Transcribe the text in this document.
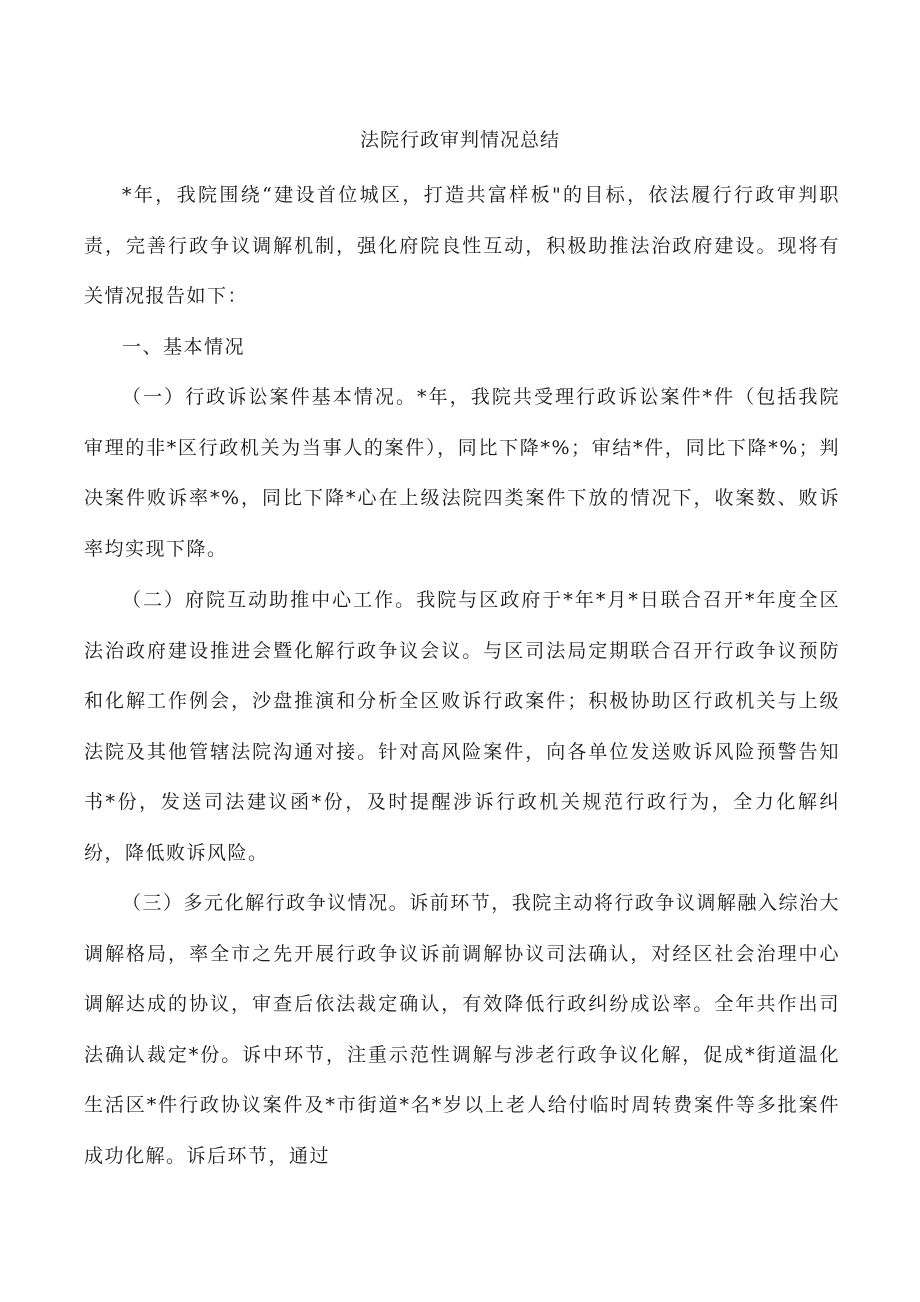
法院行政审判情况总结

*年，我院围绕“建设首位城区，打造共富样板"的目标，依法履行行政审判职责，完善行政争议调解机制，强化府院良性互动，积极助推法治政府建设。现将有关情况报告如下：

一、基本情况

（一）行政诉讼案件基本情况。*年，我院共受理行政诉讼案件*件（包括我院审理的非*区行政机关为当事人的案件），同比下降*%；审结*件，同比下降*%；判决案件败诉率*%，同比下降*心在上级法院四类案件下放的情况下，收案数、败诉率均实现下降。

（二）府院互动助推中心工作。我院与区政府于*年*月*日联合召开*年度全区法治政府建设推进会暨化解行政争议会议。与区司法局定期联合召开行政争议预防和化解工作例会，沙盘推演和分析全区败诉行政案件；积极协助区行政机关与上级法院及其他管辖法院沟通对接。针对高风险案件，向各单位发送败诉风险预警告知书*份，发送司法建议函*份，及时提醒涉诉行政机关规范行政行为，全力化解纠纷，降低败诉风险。

（三）多元化解行政争议情况。诉前环节，我院主动将行政争议调解融入综治大调解格局，率全市之先开展行政争议诉前调解协议司法确认，对经区社会治理中心调解达成的协议，审查后依法裁定确认，有效降低行政纠纷成讼率。全年共作出司法确认裁定*份。诉中环节，注重示范性调解与涉老行政争议化解，促成*街道温化生活区*件行政协议案件及*市街道*名*岁以上老人给付临时周转费案件等多批案件成功化解。诉后环节，通过
